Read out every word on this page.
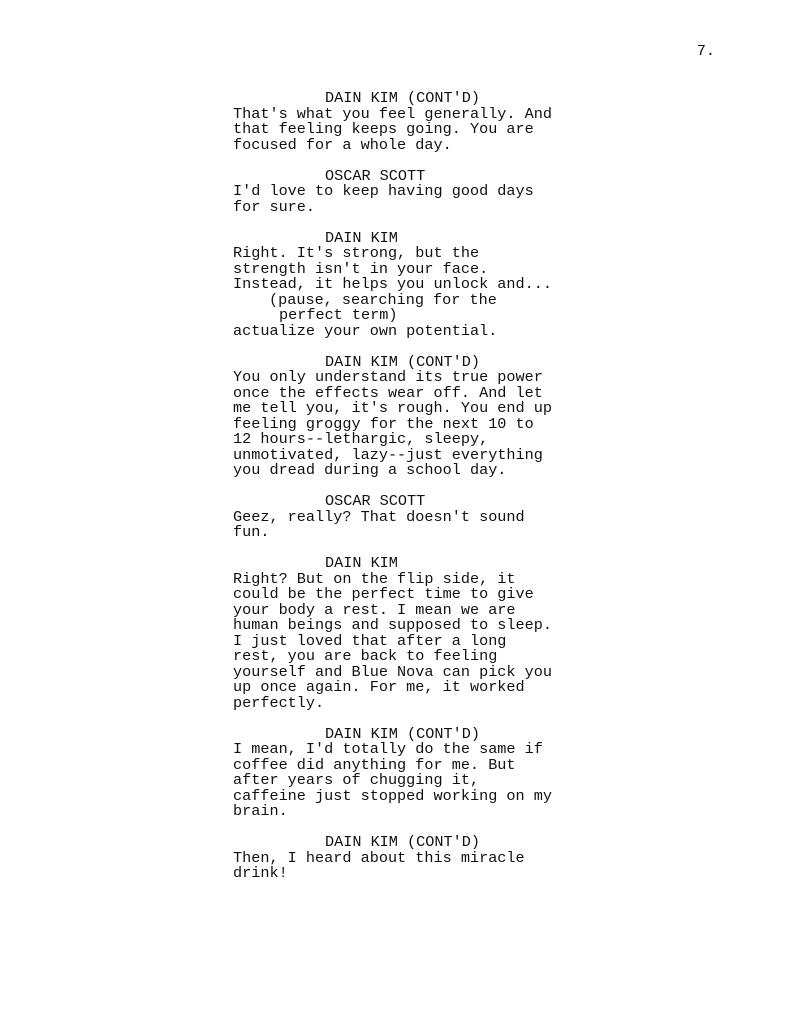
7.
DAIN KIM (CONT'D)
That's what you feel generally. And
that feeling keeps going. You are
focused for a whole day.
OSCAR SCOTT
I'd love to keep having good days
for sure.
DAIN KIM
Right. It's strong, but the
strength isn't in your face.
Instead, it helps you unlock and...
(pause, searching for the
perfect term)
actualize your own potential.
DAIN KIM (CONT'D)
You only understand its true power
once the effects wear off. And let
me tell you, it's rough. You end up
feeling groggy for the next 10 to
12 hours--lethargic, sleepy,
unmotivated, lazy--just everything
you dread during a school day.
OSCAR SCOTT
Geez, really? That doesn't sound
fun.
DAIN KIM
Right? But on the flip side, it
could be the perfect time to give
your body a rest. I mean we are
human beings and supposed to sleep.
I just loved that after a long
rest, you are back to feeling
yourself and Blue Nova can pick you
up once again. For me, it worked
perfectly.
DAIN KIM (CONT'D)
I mean, I'd totally do the same if
coffee did anything for me. But
after years of chugging it,
caffeine just stopped working on my
brain.
DAIN KIM (CONT'D)
Then, I heard about this miracle
drink!
